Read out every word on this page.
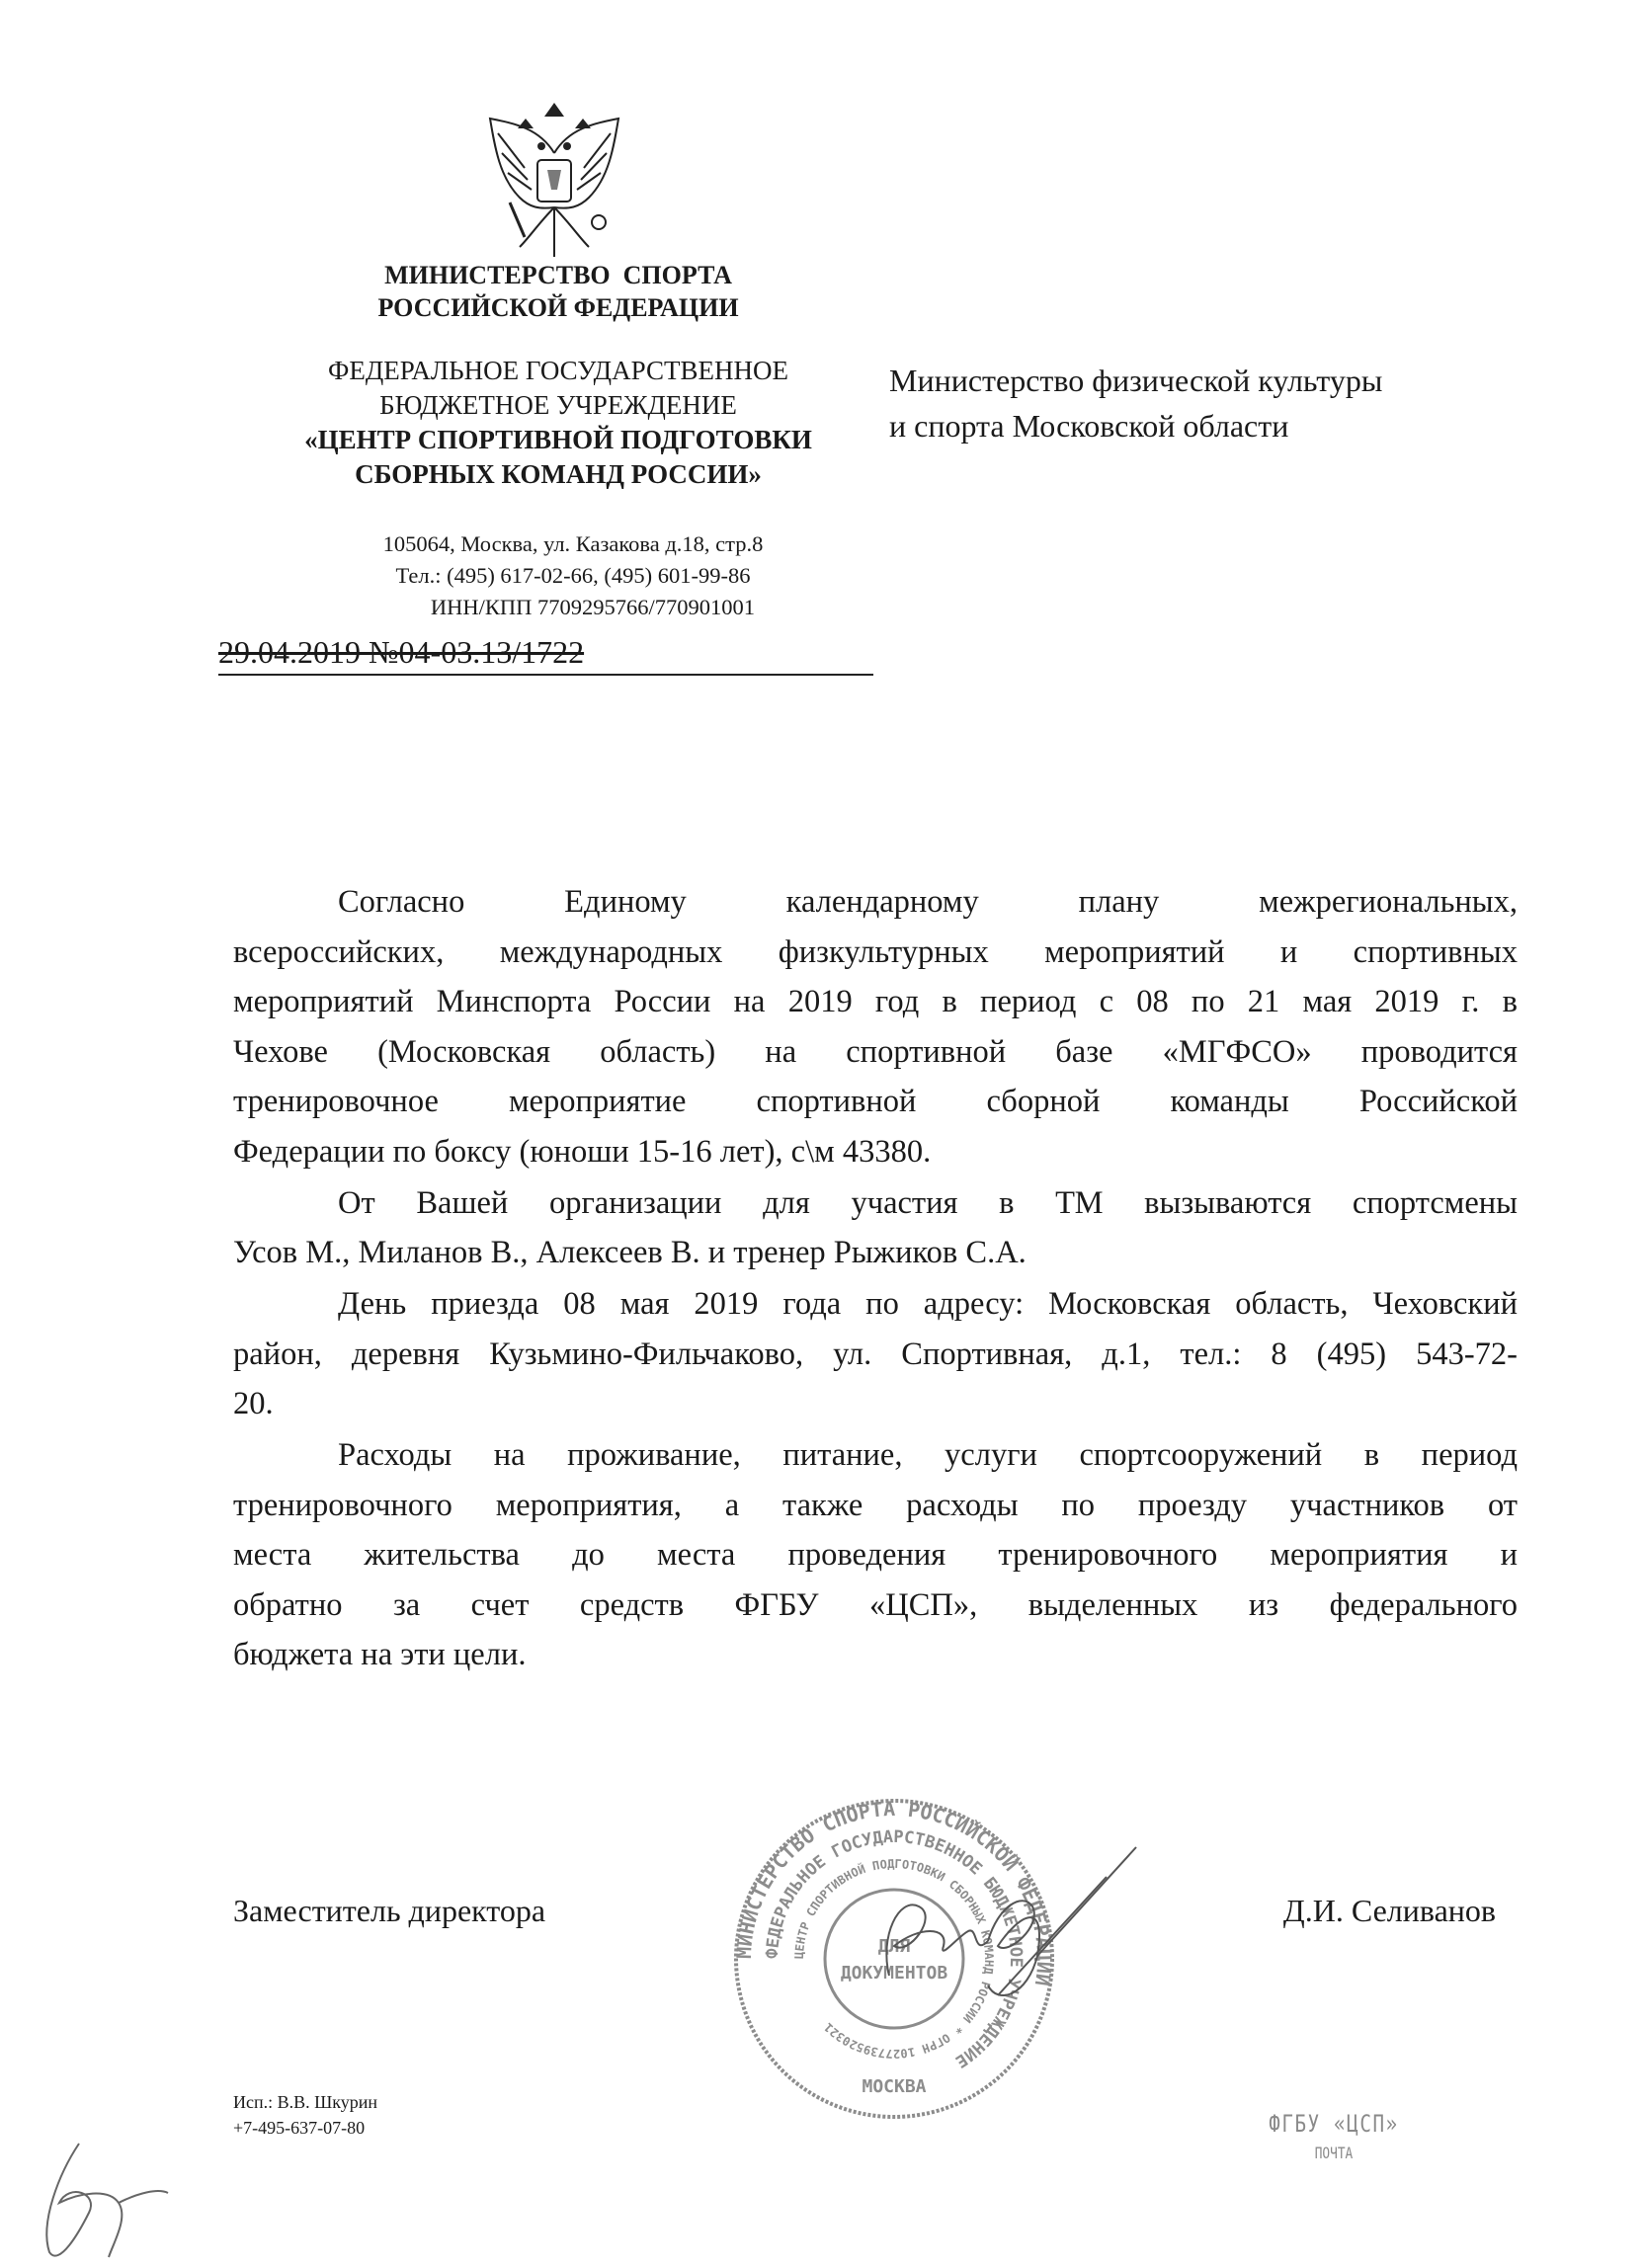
МИНИСТЕРСТВО  СПОРТА
РОССИЙСКОЙ ФЕДЕРАЦИИ
ФЕДЕРАЛЬНОЕ ГОСУДАРСТВЕННОЕ
БЮДЖЕТНОЕ УЧРЕЖДЕНИЕ
«ЦЕНТР СПОРТИВНОЙ ПОДГОТОВКИ
СБОРНЫХ КОМАНД РОССИИ»
105064, Москва, ул. Казакова д.18, стр.8
Тел.: (495) 617-02-66, (495) 601-99-86
ИНН/КПП 7709295766/770901001
29.04.2019 №04-03.13/1722
Министерство физической культуры
и спорта Московской области
Согласно Единому календарному плану межрегиональных,
всероссийских, международных физкультурных мероприятий и спортивных
мероприятий Минспорта России на 2019 год в период с 08 по 21 мая 2019 г. в
Чехове (Московская область) на спортивной базе «МГФСО» проводится
тренировочное мероприятие спортивной сборной команды Российской
Федерации по боксу (юноши 15-16 лет), с\м 43380.
От Вашей организации для участия в ТМ вызываются спортсмены
Усов М., Миланов В., Алексеев В. и тренер Рыжиков С.А.
День приезда 08 мая 2019 года по адресу: Московская область, Чеховский
район, деревня Кузьмино-Фильчаково, ул. Спортивная, д.1, тел.: 8 (495) 543-72-
20.
Расходы на проживание, питание, услуги спортсооружений в период
тренировочного мероприятия, а также расходы по проезду участников от
места жительства до места проведения тренировочного мероприятия и
обратно за счет средств ФГБУ «ЦСП», выделенных из федерального
бюджета на эти цели.
Заместитель директора	Д.И. Селиванов
МИНИСТЕРСТВО СПОРТА РОССИЙСКОЙ ФЕДЕРАЦИИ
ФЕДЕРАЛЬНОЕ ГОСУДАРСТВЕННОЕ БЮДЖЕТНОЕ УЧРЕЖДЕНИЕ
ЦЕНТР СПОРТИВНОЙ ПОДГОТОВКИ СБОРНЫХ КОМАНД РОССИИ * ОГРН 1027739520321
ДЛЯ
ДОКУМЕНТОВ
МОСКВА
Исп.: В.В. Шкурин
+7-495-637-07-80	ФГБУ «ЦСП»
ПОЧТА
